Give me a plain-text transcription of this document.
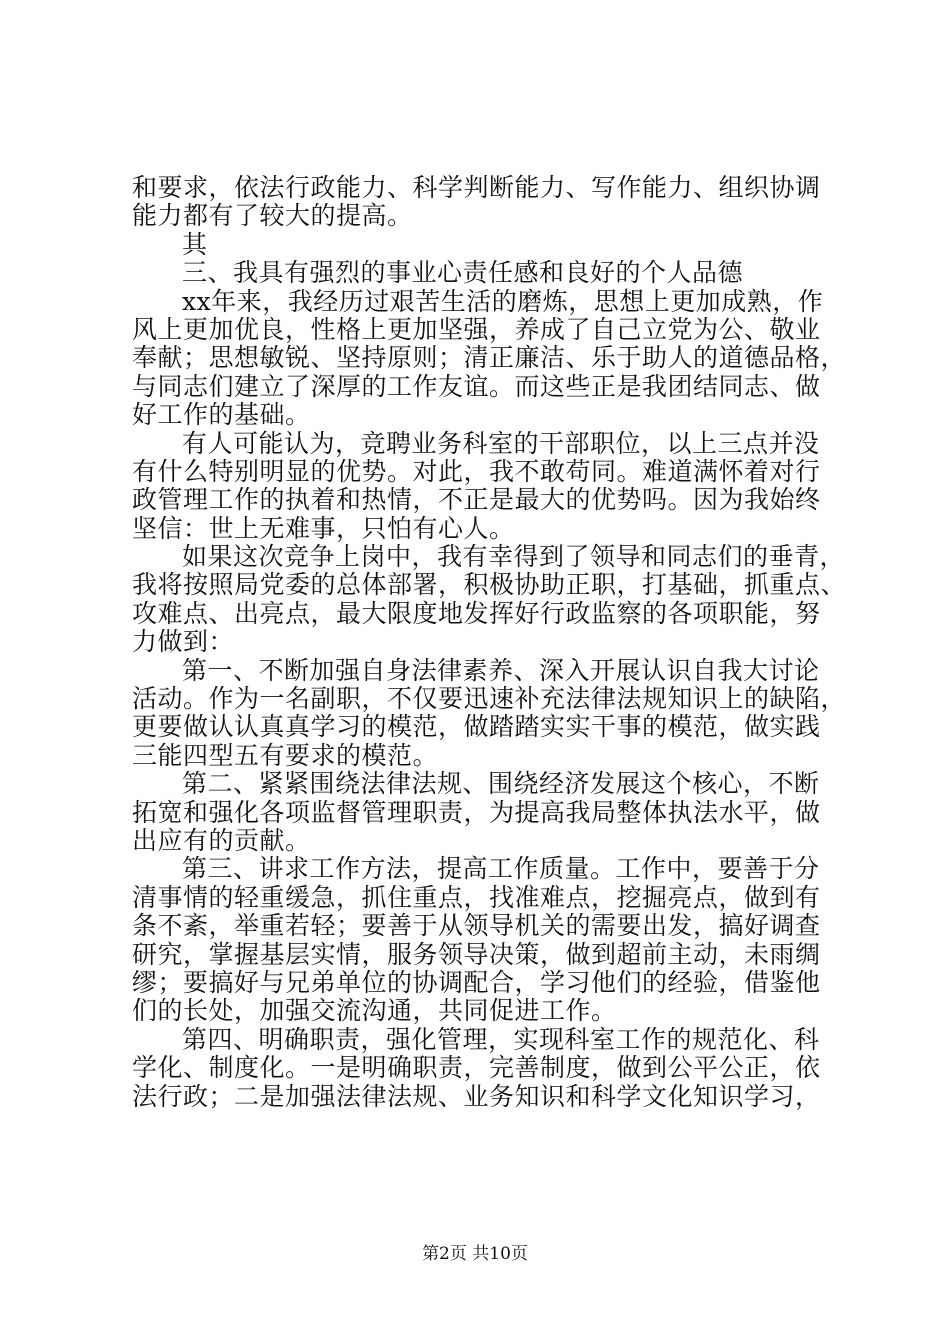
和要求，依法行政能力、科学判断能力、写作能力、组织协调
能力都有了较大的提高。
其
三、我具有强烈的事业心责任感和良好的个人品德
xx年来，我经历过艰苦生活的磨炼，思想上更加成熟，作
风上更加优良，性格上更加坚强，养成了自己立党为公、敬业
奉献；思想敏锐、坚持原则；清正廉洁、乐于助人的道德品格，
与同志们建立了深厚的工作友谊。而这些正是我团结同志、做
好工作的基础。
有人可能认为，竞聘业务科室的干部职位，以上三点并没
有什么特别明显的优势。对此，我不敢苟同。难道满怀着对行
政管理工作的执着和热情，不正是最大的优势吗。因为我始终
坚信：世上无难事，只怕有心人。
如果这次竞争上岗中，我有幸得到了领导和同志们的垂青，
我将按照局党委的总体部署，积极协助正职，打基础，抓重点、
攻难点、出亮点，最大限度地发挥好行政监察的各项职能，努
力做到：
第一、不断加强自身法律素养、深入开展认识自我大讨论
活动。作为一名副职，不仅要迅速补充法律法规知识上的缺陷，
更要做认认真真学习的模范，做踏踏实实干事的模范，做实践
三能四型五有要求的模范。
第二、紧紧围绕法律法规、围绕经济发展这个核心，不断
拓宽和强化各项监督管理职责，为提高我局整体执法水平，做
出应有的贡献。
第三、讲求工作方法，提高工作质量。工作中，要善于分
清事情的轻重缓急，抓住重点，找准难点，挖掘亮点，做到有
条不紊，举重若轻；要善于从领导机关的需要出发，搞好调查
研究，掌握基层实情，服务领导决策，做到超前主动，未雨绸
缪；要搞好与兄弟单位的协调配合，学习他们的经验，借鉴他
们的长处，加强交流沟通，共同促进工作。
第四、明确职责，强化管理，实现科室工作的规范化、科
学化、制度化。一是明确职责，完善制度，做到公平公正，依
法行政；二是加强法律法规、业务知识和科学文化知识学习，
第2页 共10页
